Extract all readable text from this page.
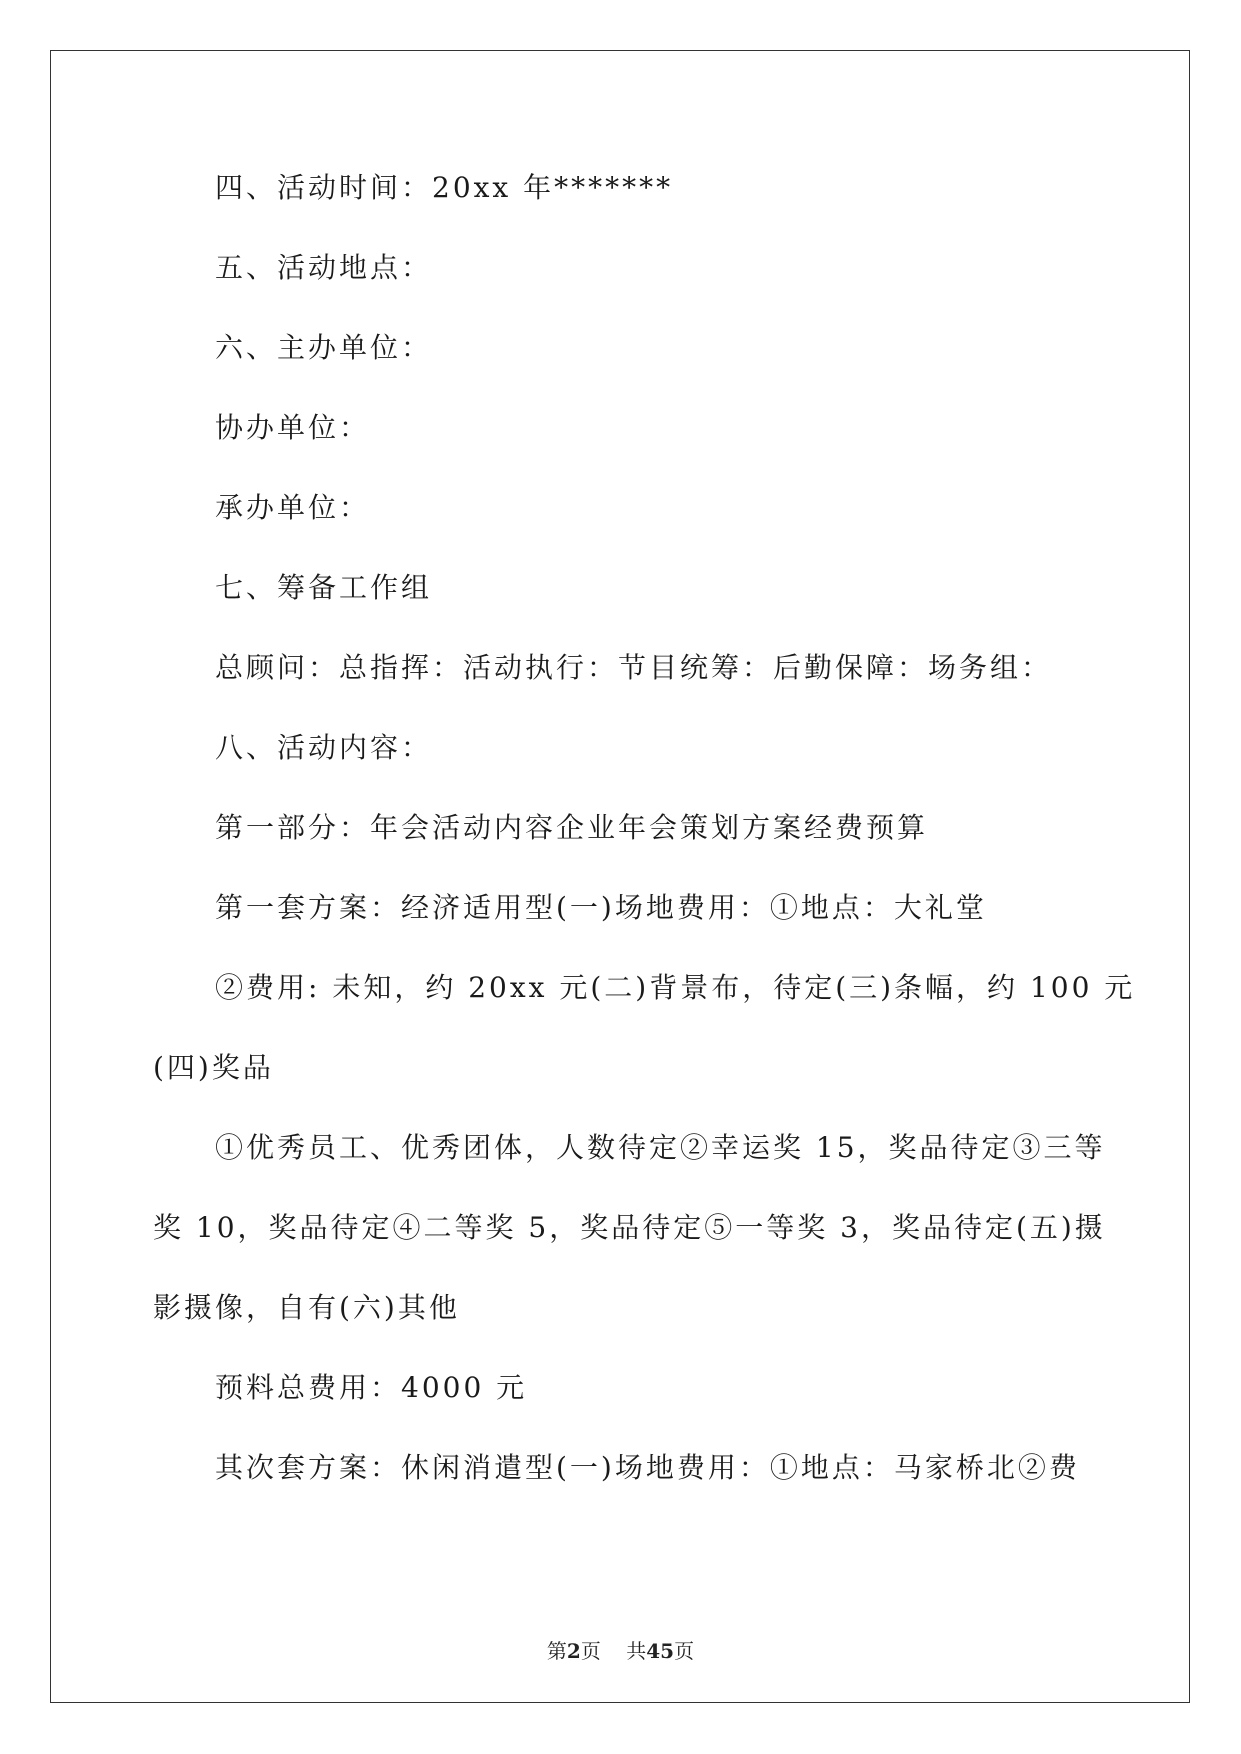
四、活动时间：20xx 年*******

五、活动地点：

六、主办单位：

协办单位：

承办单位：

七、筹备工作组

总顾问：总指挥：活动执行：节目统筹：后勤保障：场务组：

八、活动内容：

第一部分：年会活动内容企业年会策划方案经费预算

第一套方案：经济适用型(一)场地费用：①地点：大礼堂

②费用: 未知，约 20xx 元(二)背景布，待定(三)条幅，约 100 元

(四)奖品

①优秀员工、优秀团体，人数待定②幸运奖 15，奖品待定③三等

奖 10，奖品待定④二等奖 5，奖品待定⑤一等奖 3，奖品待定(五)摄

影摄像，自有(六)其他

预料总费用：4000 元

其次套方案：休闲消遣型(一)场地费用：①地点：马家桥北②费

第2页    共45页
